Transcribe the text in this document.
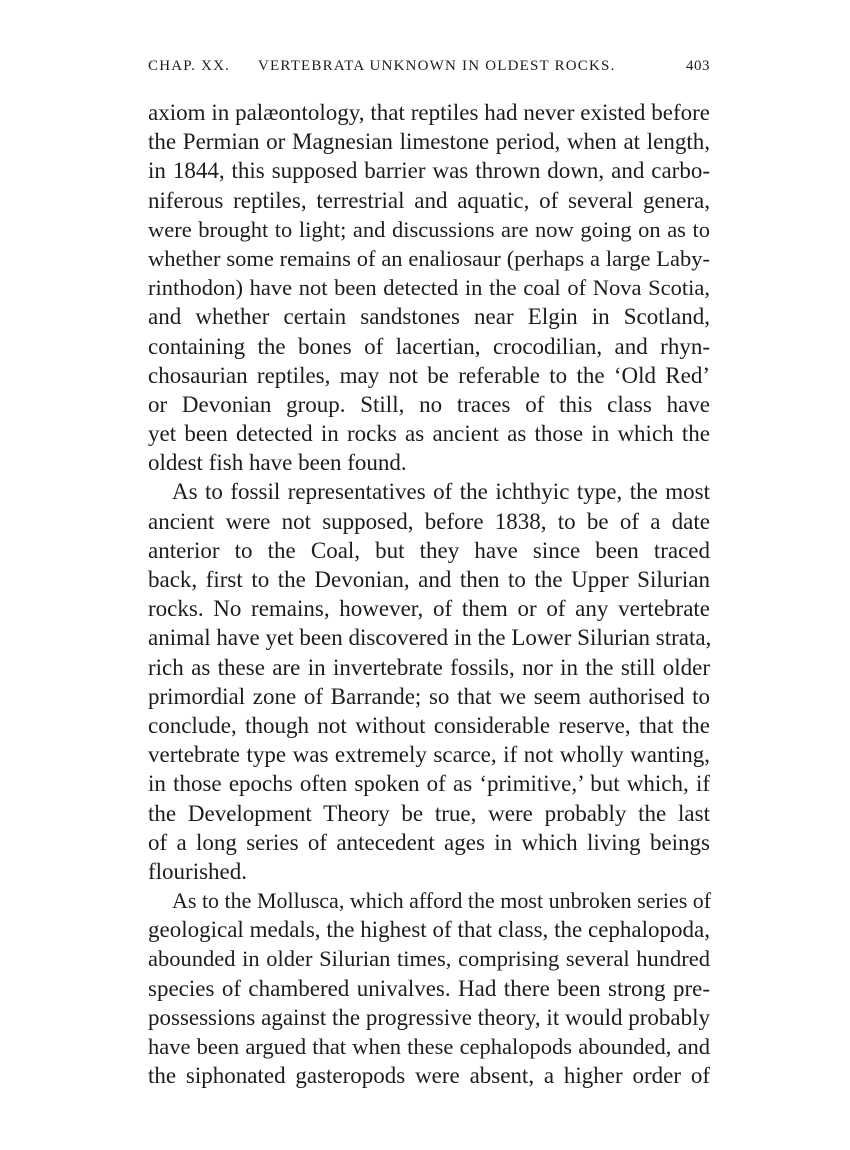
CHAP. XX. VERTEBRATA UNKNOWN IN OLDEST ROCKS.	403
axiom in palæontology, that reptiles had never existed before
the Permian or Magnesian limestone period, when at length,
in 1844, this supposed barrier was thrown down, and carbo-
niferous reptiles, terrestrial and aquatic, of several genera,
were brought to light; and discussions are now going on as to
whether some remains of an enaliosaur (perhaps a large Laby-
rinthodon) have not been detected in the coal of Nova Scotia,
and whether certain sandstones near Elgin in Scotland,
containing the bones of lacertian, crocodilian, and rhyn-
chosaurian reptiles, may not be referable to the ‘Old Red’
or Devonian group. Still, no traces of this class have
yet been detected in rocks as ancient as those in which the
oldest fish have been found.
As to fossil representatives of the ichthyic type, the most
ancient were not supposed, before 1838, to be of a date
anterior to the Coal, but they have since been traced
back, first to the Devonian, and then to the Upper Silurian
rocks. No remains, however, of them or of any vertebrate
animal have yet been discovered in the Lower Silurian strata,
rich as these are in invertebrate fossils, nor in the still older
primordial zone of Barrande; so that we seem authorised to
conclude, though not without considerable reserve, that the
vertebrate type was extremely scarce, if not wholly wanting,
in those epochs often spoken of as ‘primitive,’ but which, if
the Development Theory be true, were probably the last
of a long series of antecedent ages in which living beings
flourished.
As to the Mollusca, which afford the most unbroken series of
geological medals, the highest of that class, the cephalopoda,
abounded in older Silurian times, comprising several hundred
species of chambered univalves. Had there been strong pre-
possessions against the progressive theory, it would probably
have been argued that when these cephalopods abounded, and
the siphonated gasteropods were absent, a higher order of
